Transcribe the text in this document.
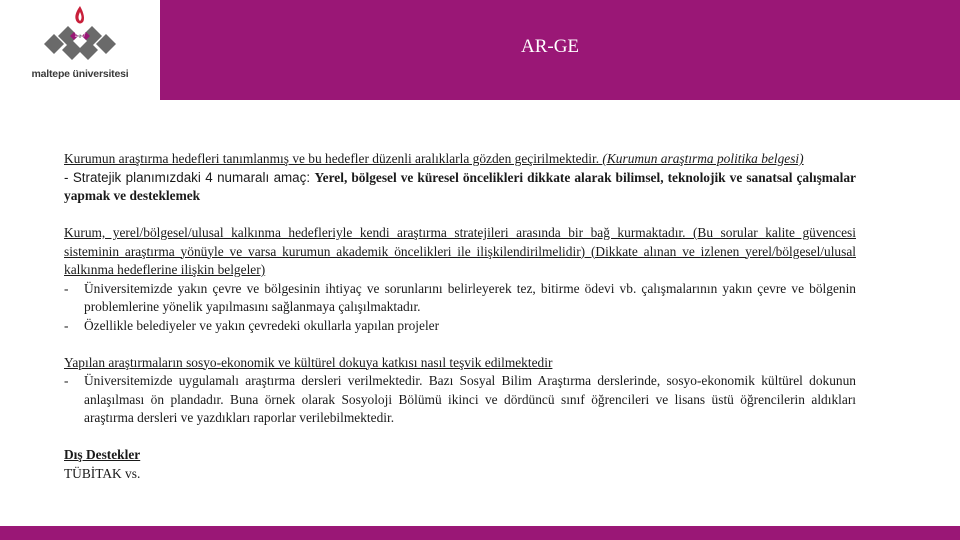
1997
maltepe üniversitesi
AR-GE
Kurumun araştırma hedefleri tanımlanmış ve bu hedefler düzenli aralıklarla gözden geçirilmektedir. (Kurumun araştırma politika belgesi)
- Stratejik planımızdaki 4 numaralı amaç: Yerel, bölgesel ve küresel öncelikleri dikkate alarak bilimsel, teknolojik ve sanatsal çalışmalar yapmak ve desteklemek
Kurum, yerel/bölgesel/ulusal kalkınma hedefleriyle kendi araştırma stratejileri arasında bir bağ kurmaktadır. (Bu sorular kalite güvencesi sisteminin araştırma yönüyle ve varsa kurumun akademik öncelikleri ile ilişkilendirilmelidir) (Dikkate alınan ve izlenen yerel/bölgesel/ulusal kalkınma hedeflerine ilişkin belgeler)
-	Üniversitemizde yakın çevre ve bölgesinin ihtiyaç ve sorunlarını belirleyerek tez, bitirme ödevi vb. çalışmalarının yakın çevre ve bölgenin problemlerine yönelik yapılmasını sağlanmaya çalışılmaktadır.
-	Özellikle belediyeler ve yakın çevredeki okullarla yapılan projeler
Yapılan araştırmaların sosyo-ekonomik ve kültürel dokuya katkısı nasıl teşvik edilmektedir
-	Üniversitemizde uygulamalı araştırma dersleri verilmektedir. Bazı Sosyal Bilim Araştırma derslerinde, sosyo-ekonomik kültürel dokunun anlaşılması ön plandadır. Buna örnek olarak Sosyoloji Bölümü ikinci ve dördüncü sınıf öğrencileri ve lisans üstü öğrencilerin aldıkları araştırma dersleri ve yazdıkları raporlar verilebilmektedir.
Dış Destekler
TÜBİTAK vs.
